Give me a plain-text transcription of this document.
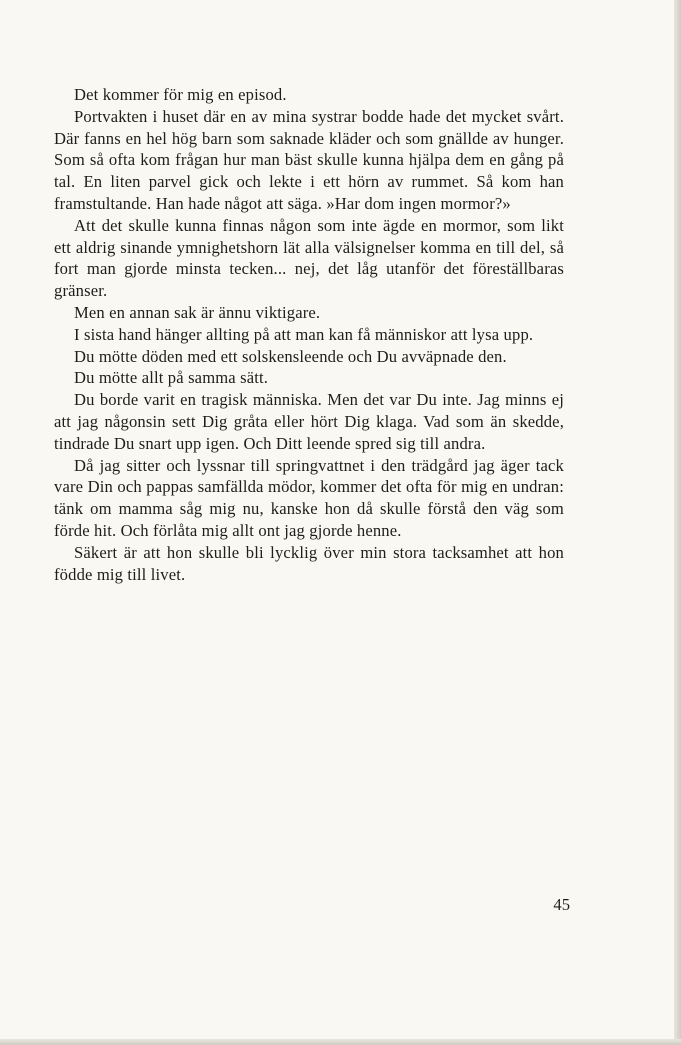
Det kommer för mig en episod.

Portvakten i huset där en av mina systrar bodde hade det mycket svårt. Där fanns en hel hög barn som saknade kläder och som gnällde av hunger. Som så ofta kom frågan hur man bäst skulle kunna hjälpa dem en gång på tal. En liten parvel gick och lekte i ett hörn av rummet. Så kom han framstultande. Han hade något att säga. »Har dom ingen mormor?»

Att det skulle kunna finnas någon som inte ägde en mormor, som likt ett aldrig sinande ymnighetshorn lät alla välsignelser komma en till del, så fort man gjorde minsta tecken... nej, det låg utanför det föreställbaras gränser.

Men en annan sak är ännu viktigare.

I sista hand hänger allting på att man kan få människor att lysa upp.

Du mötte döden med ett solskensleende och Du avväpnade den.

Du mötte allt på samma sätt.

Du borde varit en tragisk människa. Men det var Du inte. Jag minns ej att jag någonsin sett Dig gråta eller hört Dig klaga. Vad som än skedde, tindrade Du snart upp igen. Och Ditt leende spred sig till andra.

Då jag sitter och lyssnar till springvattnet i den trädgård jag äger tack vare Din och pappas samfällda mödor, kommer det ofta för mig en undran: tänk om mamma såg mig nu, kanske hon då skulle förstå den väg som förde hit. Och förlåta mig allt ont jag gjorde henne.

Säkert är att hon skulle bli lycklig över min stora tacksamhet att hon födde mig till livet.

45
